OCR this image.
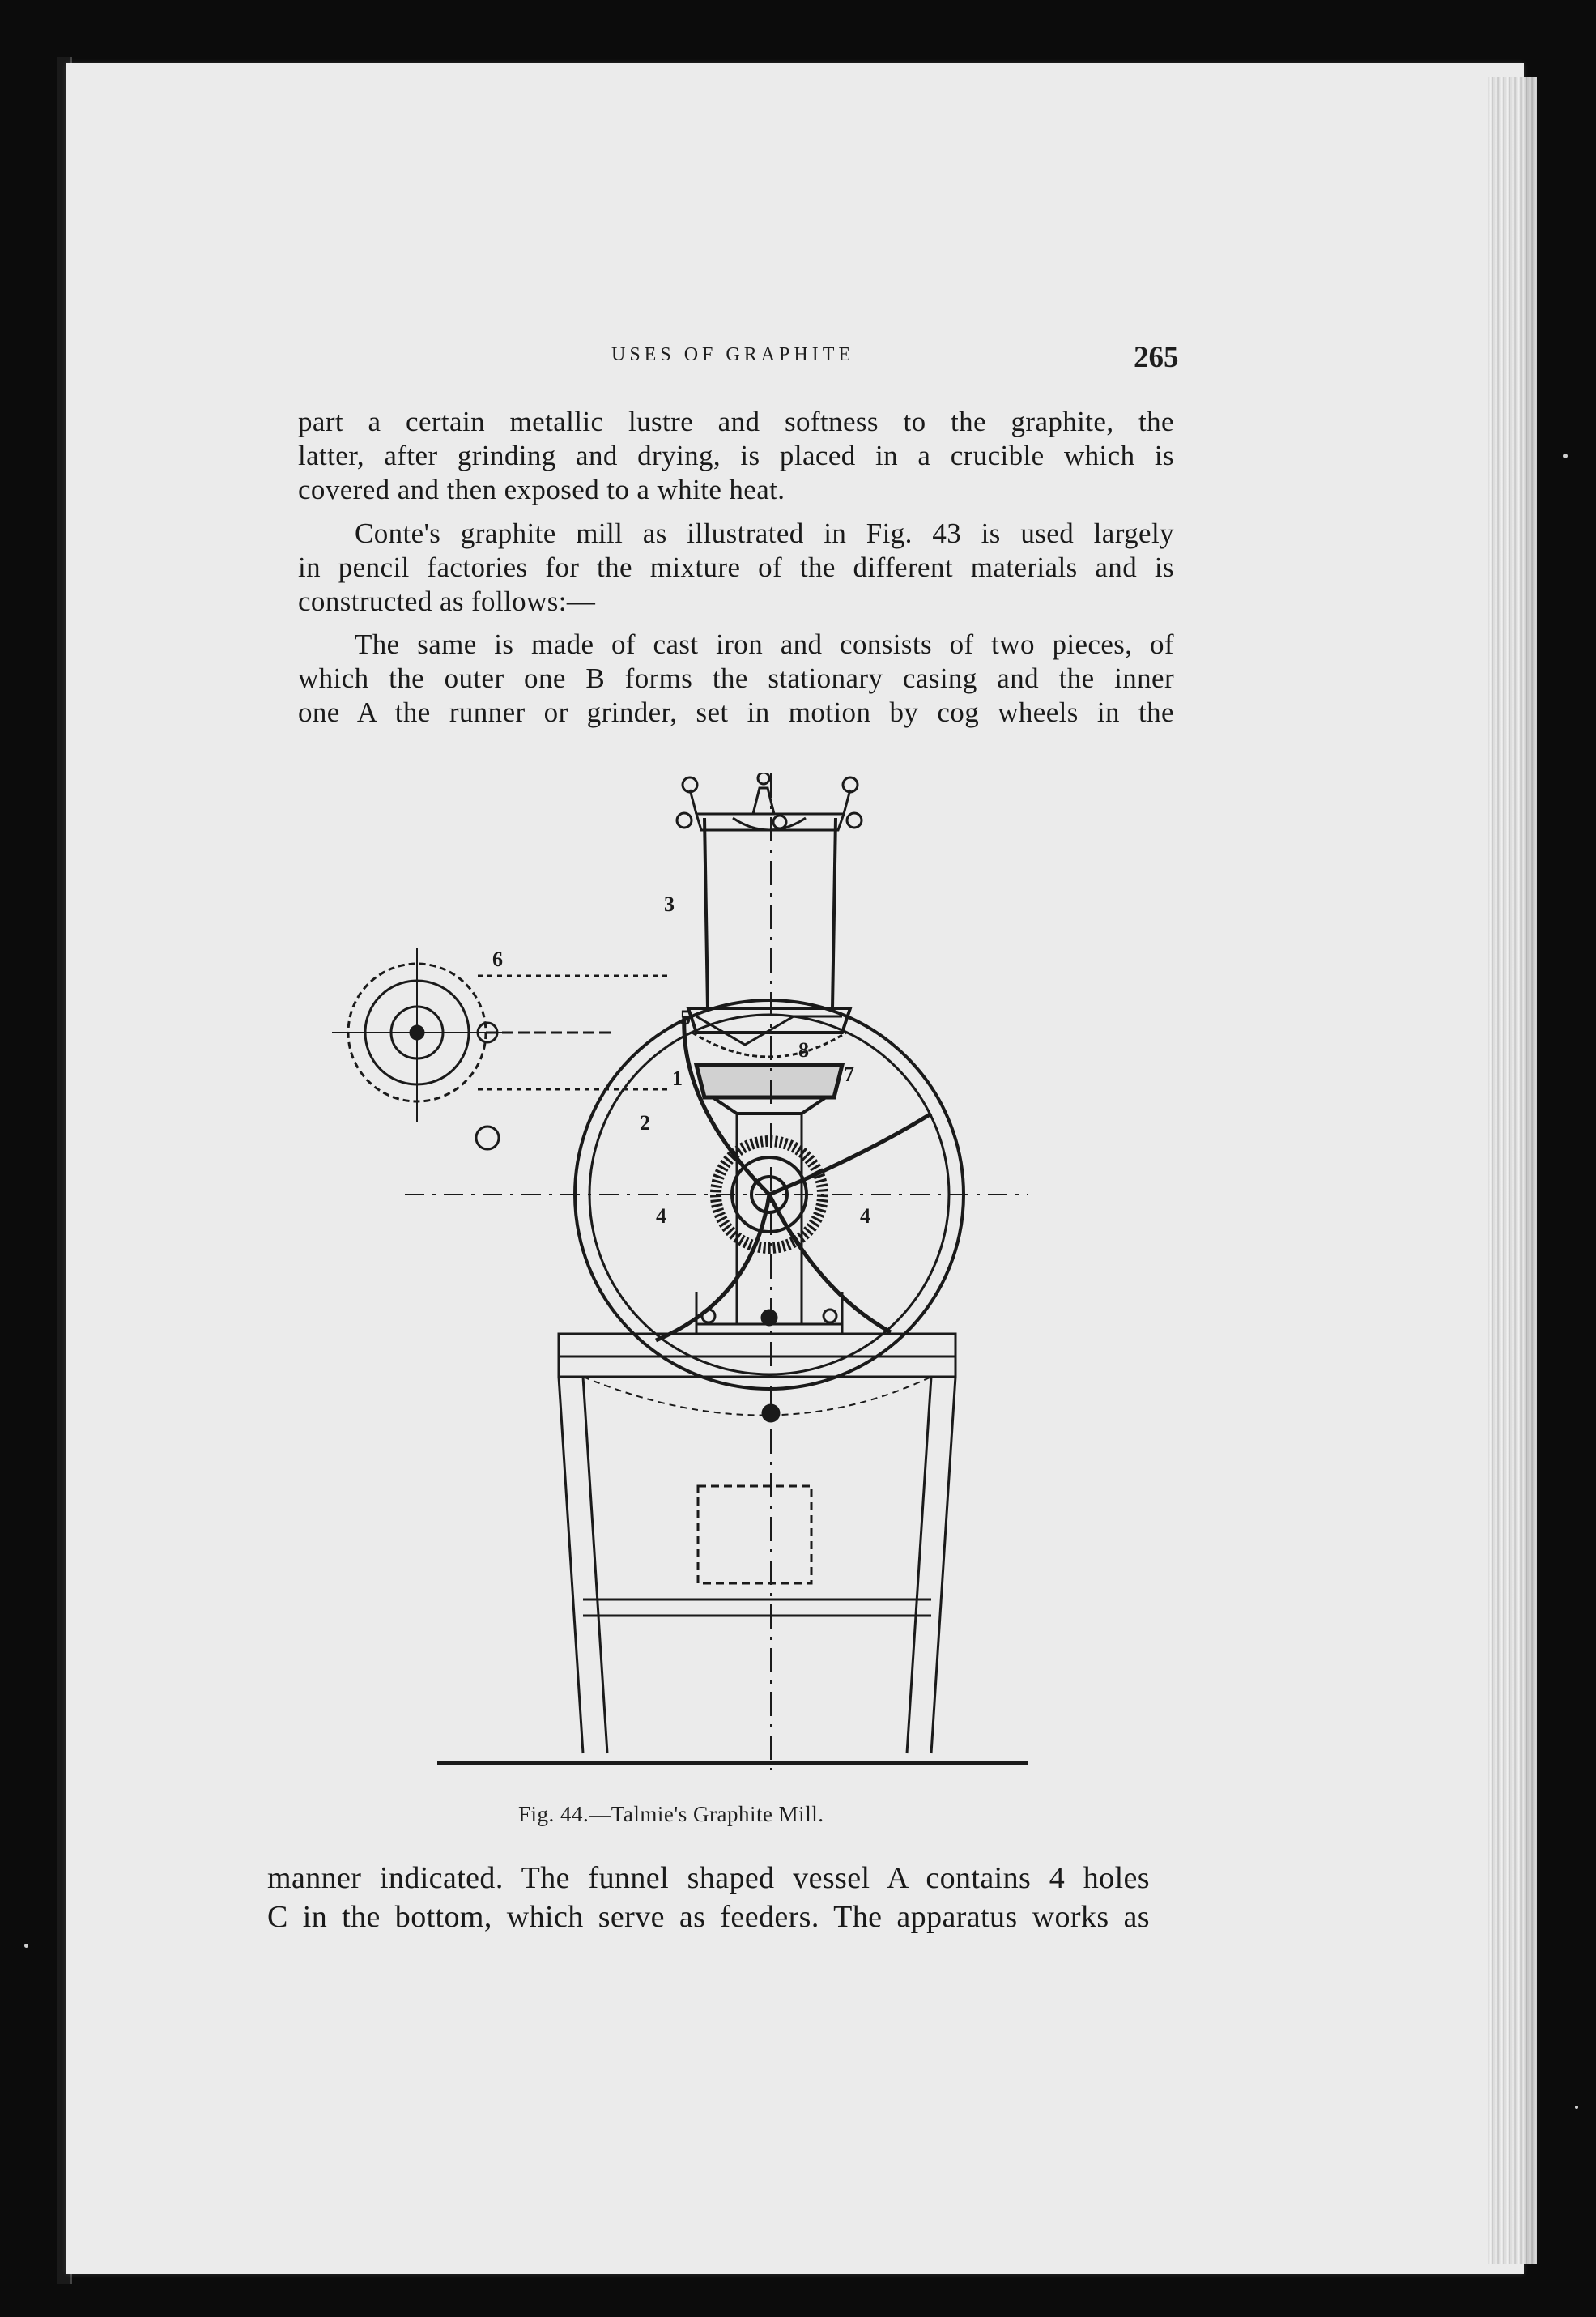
USES OF GRAPHITE	265

part a certain metallic lustre and softness to the graphite, the
latter, after grinding and drying, is placed in a crucible which is
covered and then exposed to a white heat.

Conte's graphite mill as illustrated in Fig. 43 is used largely
in pencil factories for the mixture of the different materials and is
constructed as follows:—

The same is made of cast iron and consists of two pieces, of
which the outer one B forms the stationary casing and the inner
one A the runner or grinder, set in motion by cog wheels in the

3
1
2
4	4
7
6
5
8
Fig. 44.—Talmie's Graphite Mill.

manner indicated. The funnel shaped vessel A contains 4 holes
C in the bottom, which serve as feeders. The apparatus works as
